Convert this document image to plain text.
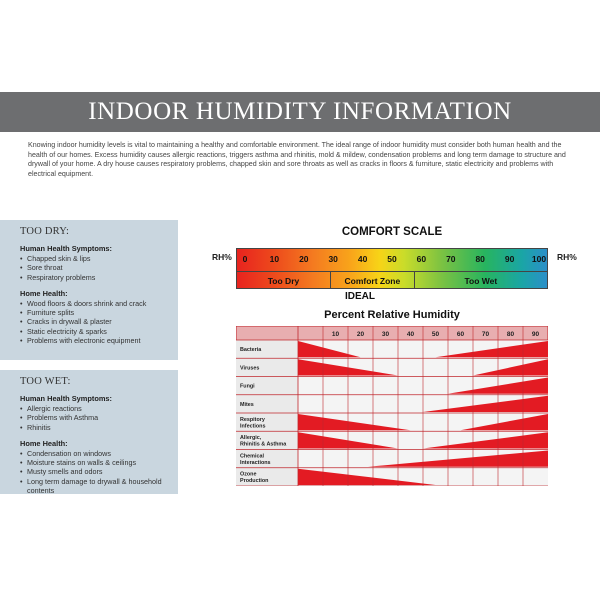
INDOOR HUMIDITY INFORMATION

Knowing indoor humidity levels is vital to maintaining a healthy and comfortable environment. The ideal range of indoor humidity must consider both human health and the health of our homes. Excess humidity causes allergic reactions, triggers asthma and rhinitis, mold & mildew, condensation problems and long term damage to structure and drywall of your home. A dry house causes respiratory problems, chapped skin and sore throats as well as cracks in floors & furniture, static electricity and problems with electrical equipment.

TOO DRY:
Human Health Symptoms:
• Chapped skin & lips
• Sore throat
• Respiratory problems
Home Health:
• Wood floors & doors shrink and crack
• Furniture splits
• Cracks in drywall & plaster
• Static electricity & sparks
• Problems with electronic equipment
TOO WET:
Human Health Symptoms:
• Allergic reactions
• Problems with Asthma
• Rhinitis
Home Health:
• Condensation on windows
• Moisture stains on walls & ceilings
• Musty smells and odors
• Long term damage to drywall & household contents
COMFORT SCALE
RH%	RH%
0	10 20 30 40 50 60 70 80 90 100
Too Dry	Comfort Zone	Too Wet
IDEAL
Percent Relative Humidity
10	20	30	40	50	60	70	80	90
Bacteria
Viruses
Fungi
Mites
Respitory Infections
Allergic, Rhinitis & Asthma
Chemical Interactions
Ozone Production
